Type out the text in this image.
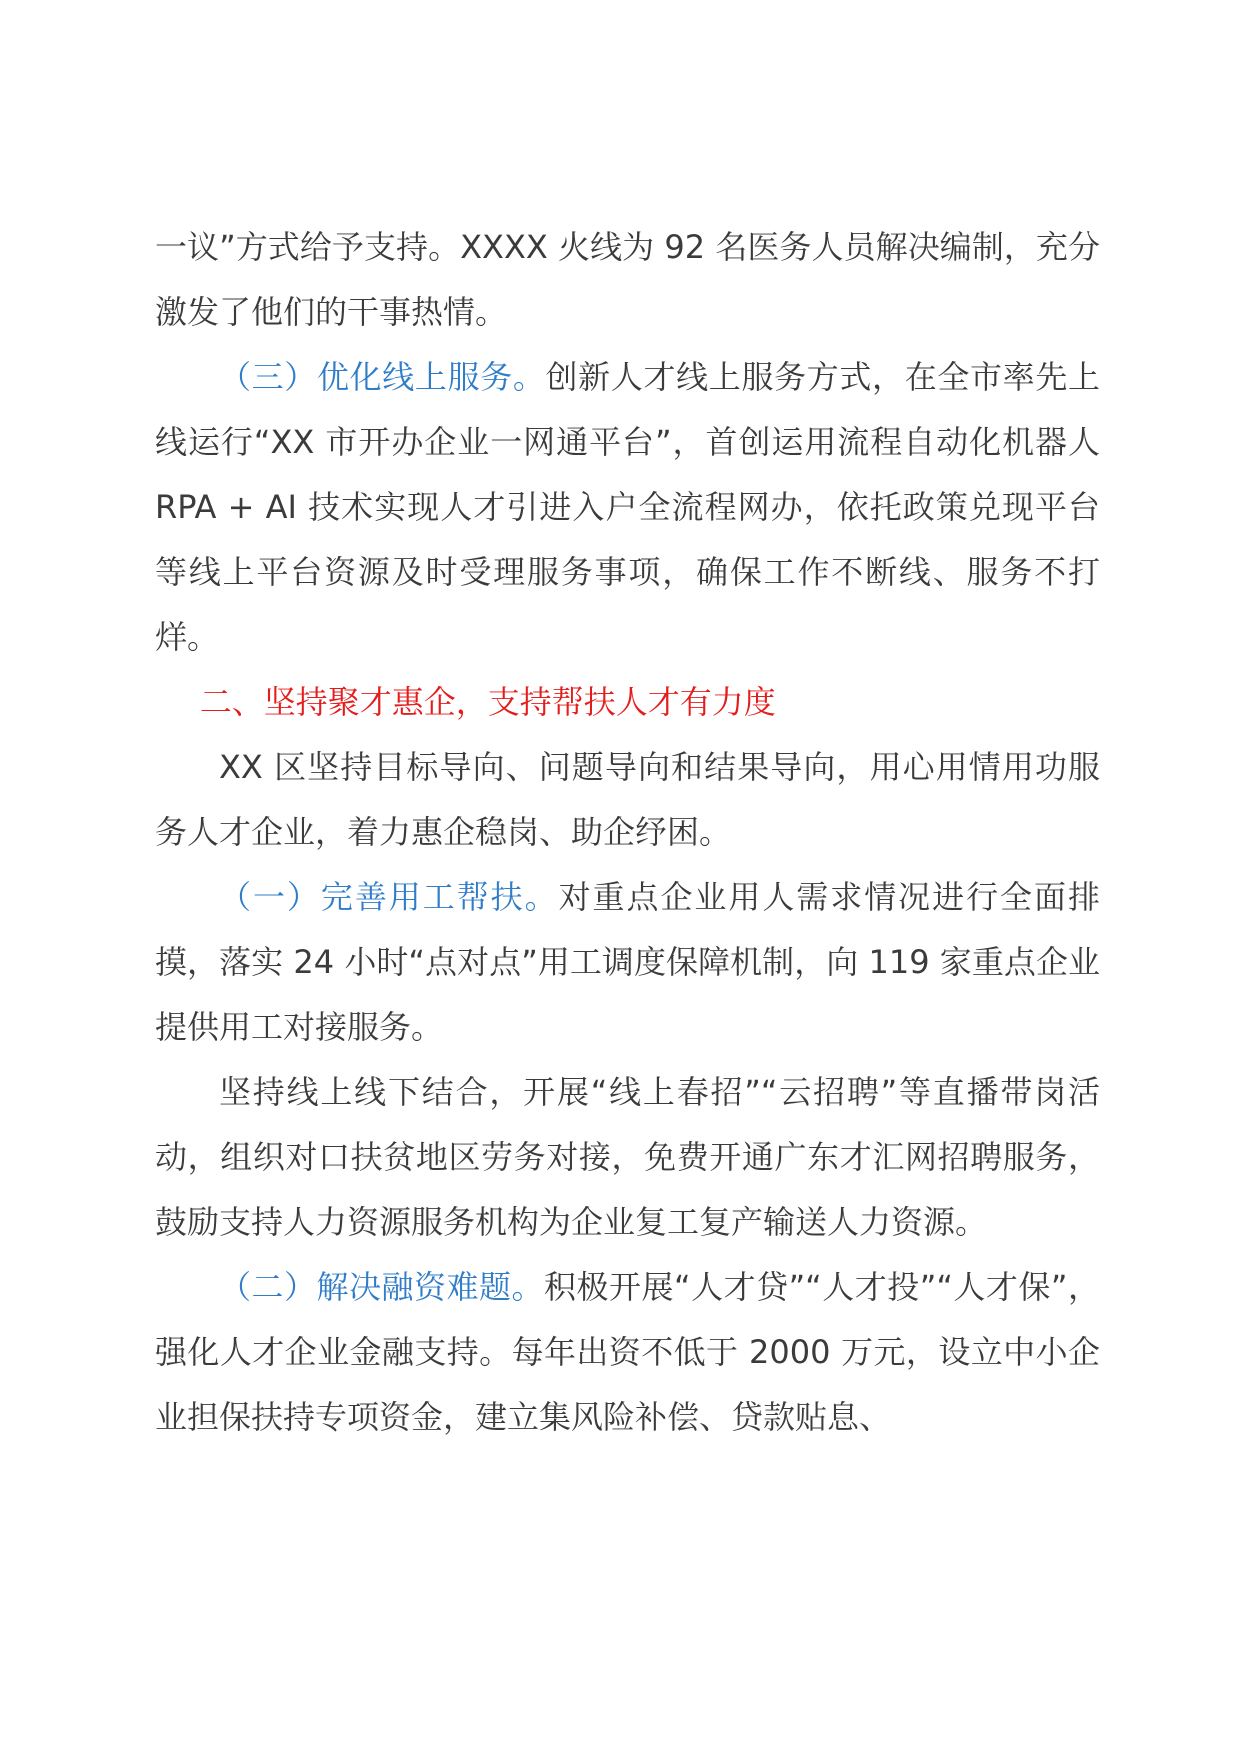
一议”方式给予支持。XXXX 火线为 92 名医务人员解决编制，充分激发了他们的干事热情。

（三）优化线上服务。创新人才线上服务方式，在全市率先上线运行“XX 市开办企业一网通平台”，首创运用流程自动化机器人 RPA + AI 技术实现人才引进入户全流程网办，依托政策兑现平台等线上平台资源及时受理服务事项，确保工作不断线、服务不打烊。

二、坚持聚才惠企，支持帮扶人才有力度

XX 区坚持目标导向、问题导向和结果导向，用心用情用功服务人才企业，着力惠企稳岗、助企纾困。

（一）完善用工帮扶。对重点企业用人需求情况进行全面排摸，落实 24 小时“点对点”用工调度保障机制，向 119 家重点企业提供用工对接服务。

坚持线上线下结合，开展“线上春招”“云招聘”等直播带岗活动，组织对口扶贫地区劳务对接，免费开通广东才汇网招聘服务，鼓励支持人力资源服务机构为企业复工复产输送人力资源。

（二）解决融资难题。积极开展“人才贷”“人才投”“人才保”，强化人才企业金融支持。每年出资不低于 2000 万元，设立中小企业担保扶持专项资金，建立集风险补偿、贷款贴息、
